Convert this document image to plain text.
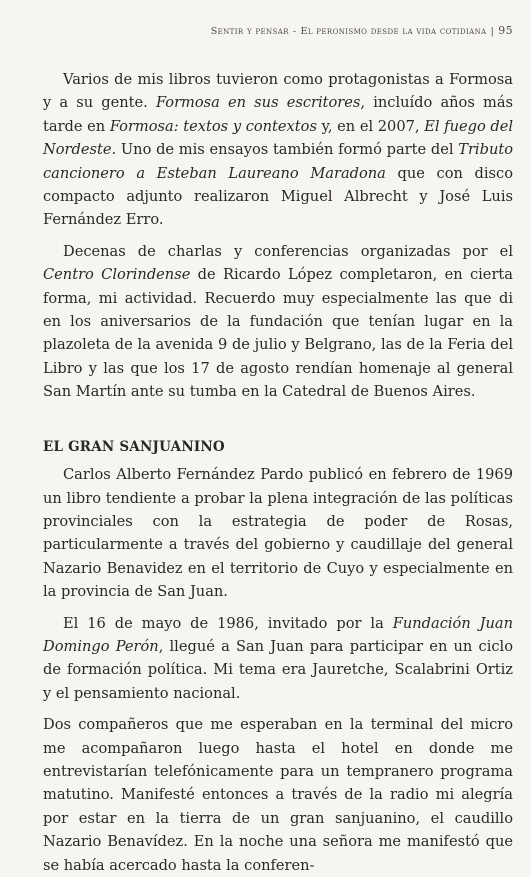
Sentir y pensar - El peronismo desde la vida cotidiana | 95

Varios de mis libros tuvieron como protagonistas a Formosa y a su gente. Formosa en sus escritores, incluído años más tarde en Formosa: textos y contextos y, en el 2007, El fuego del Nordeste. Uno de mis ensayos también formó parte del Tributo cancionero a Esteban Laureano Maradona que con disco compacto adjunto realizaron Miguel Albrecht y José Luis Fernández Erro.

Decenas de charlas y conferencias organizadas por el Centro Clorindense de Ricardo López completaron, en cierta forma, mi actividad. Recuerdo muy especialmente las que di en los aniversarios de la fundación que tenían lugar en la plazoleta de la avenida 9 de julio y Belgrano, las de la Feria del Libro y las que los 17 de agosto rendían homenaje al general San Martín ante su tumba en la Catedral de Buenos Aires.

EL GRAN SANJUANINO

Carlos Alberto Fernández Pardo publicó en febrero de 1969 un libro tendiente a probar la plena integración de las políticas provinciales con la estrategia de poder de Rosas, particularmente a través del gobierno y caudillaje del general Nazario Benavidez en el territorio de Cuyo y especialmente en la provincia de San Juan.

El 16 de mayo de 1986, invitado por la Fundación Juan Domingo Perón, llegué a San Juan para participar en un ciclo de formación política. Mi tema era Jauretche, Scalabrini Ortiz y el pensamiento nacional.

Dos compañeros que me esperaban en la terminal del micro me acompañaron luego hasta el hotel en donde me entrevistarían telefónicamente para un tempranero programa matutino. Manifesté entonces a través de la radio mi alegría por estar en la tierra de un gran sanjuanino, el caudillo Nazario Benavídez. En la noche una señora me manifestó que se había acercado hasta la conferen-
